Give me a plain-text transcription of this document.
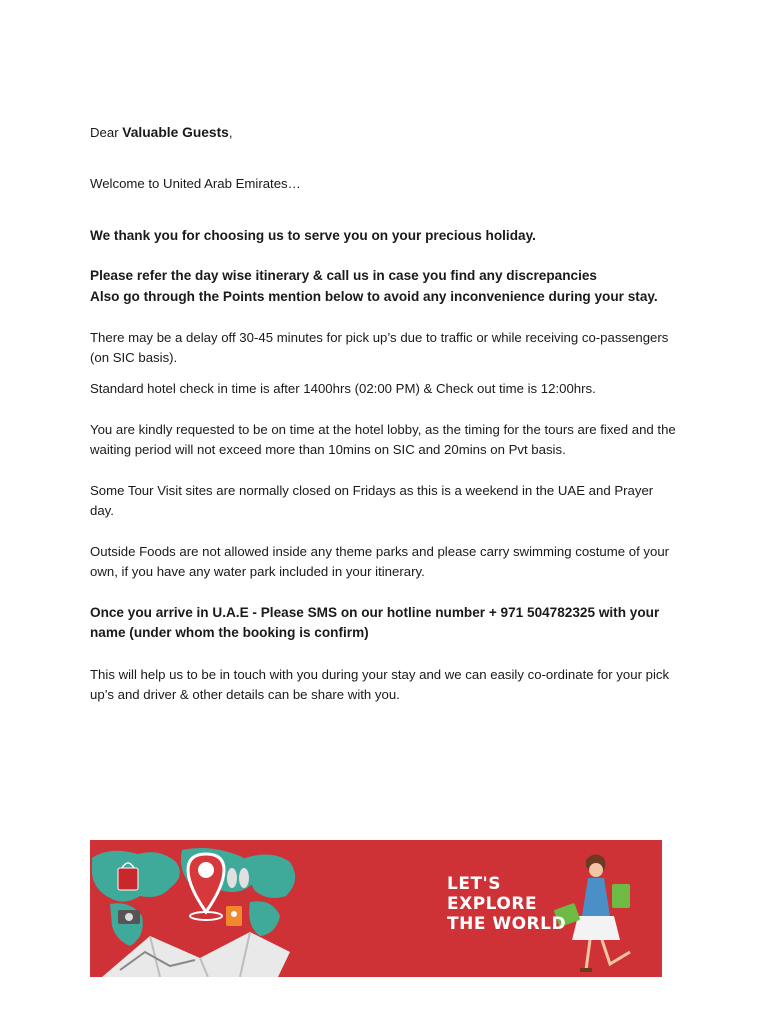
Dear Valuable Guests,

Welcome to United Arab Emirates…

We thank you for choosing us to serve you on your precious holiday.

Please refer the day wise itinerary & call us in case you find any discrepancies

Also go through the Points mention below to avoid any inconvenience during your stay.

There may be a delay off 30-45 minutes for pick up’s due to traffic or while receiving co-passengers (on SIC basis).

Standard hotel check in time is after 1400hrs (02:00 PM) & Check out time is 12:00hrs.

You are kindly requested to be on time at the hotel lobby, as the timing for the tours are fixed and the waiting period will not exceed more than 10mins on SIC and 20mins on Pvt basis.

Some Tour Visit sites are normally closed on Fridays as this is a weekend in the UAE and Prayer day.

Outside Foods are not allowed inside any theme parks and please carry swimming costume of your own, if you have any water park included in your itinerary.

Once you arrive in U.A.E - Please SMS on our hotline number + 971 504782325 with your name (under whom the booking is confirm)

This will help us to be in touch with you during your stay and we can easily co-ordinate for your pick up’s and driver & other details can be share with you.

LET'S
EXPLORE
THE WORLD
